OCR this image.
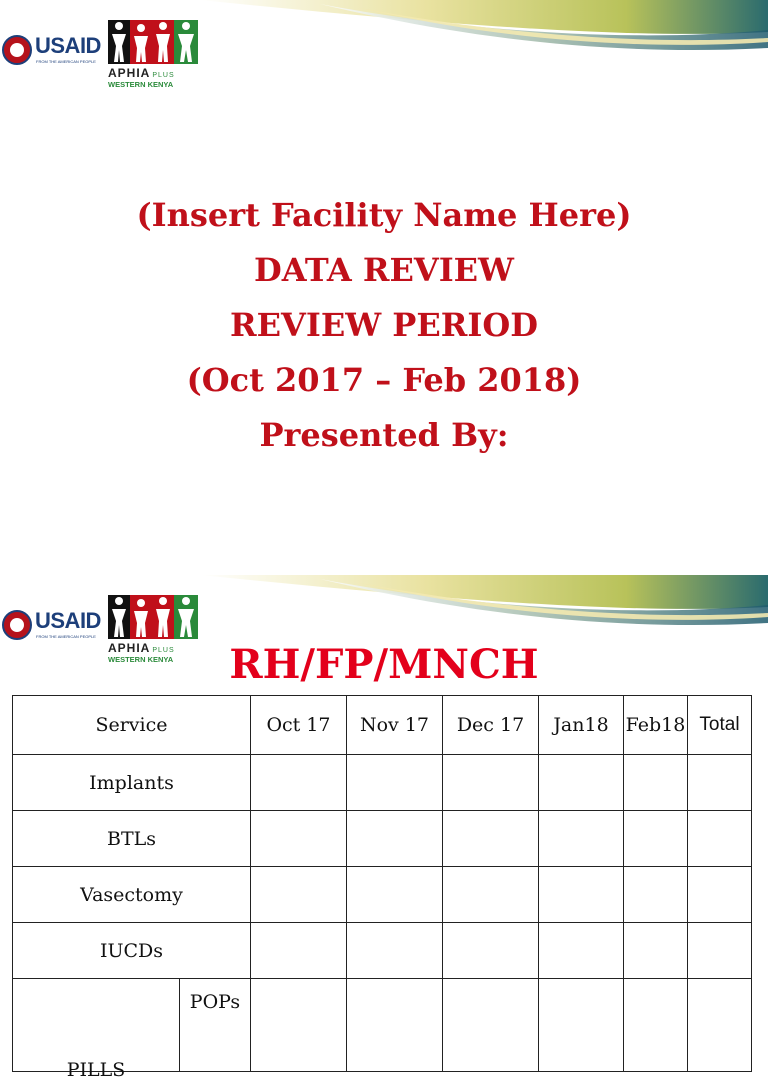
USAID
FROM THE AMERICAN PEOPLE
APHIA PLUS
WESTERN KENYA
(Insert Facility Name Here)
DATA REVIEW
REVIEW PERIOD
(Oct 2017 – Feb 2018)
Presented By:
USAID
FROM THE AMERICAN PEOPLE
APHIA PLUS
WESTERN KENYA	RH/FP/MNCH
Service		Oct 17	Nov 17	Dec 17	Jan18	Feb18	Total
Implants							
BTLs							
Vasectomy							
IUCDs							

PILLS	POPs						
